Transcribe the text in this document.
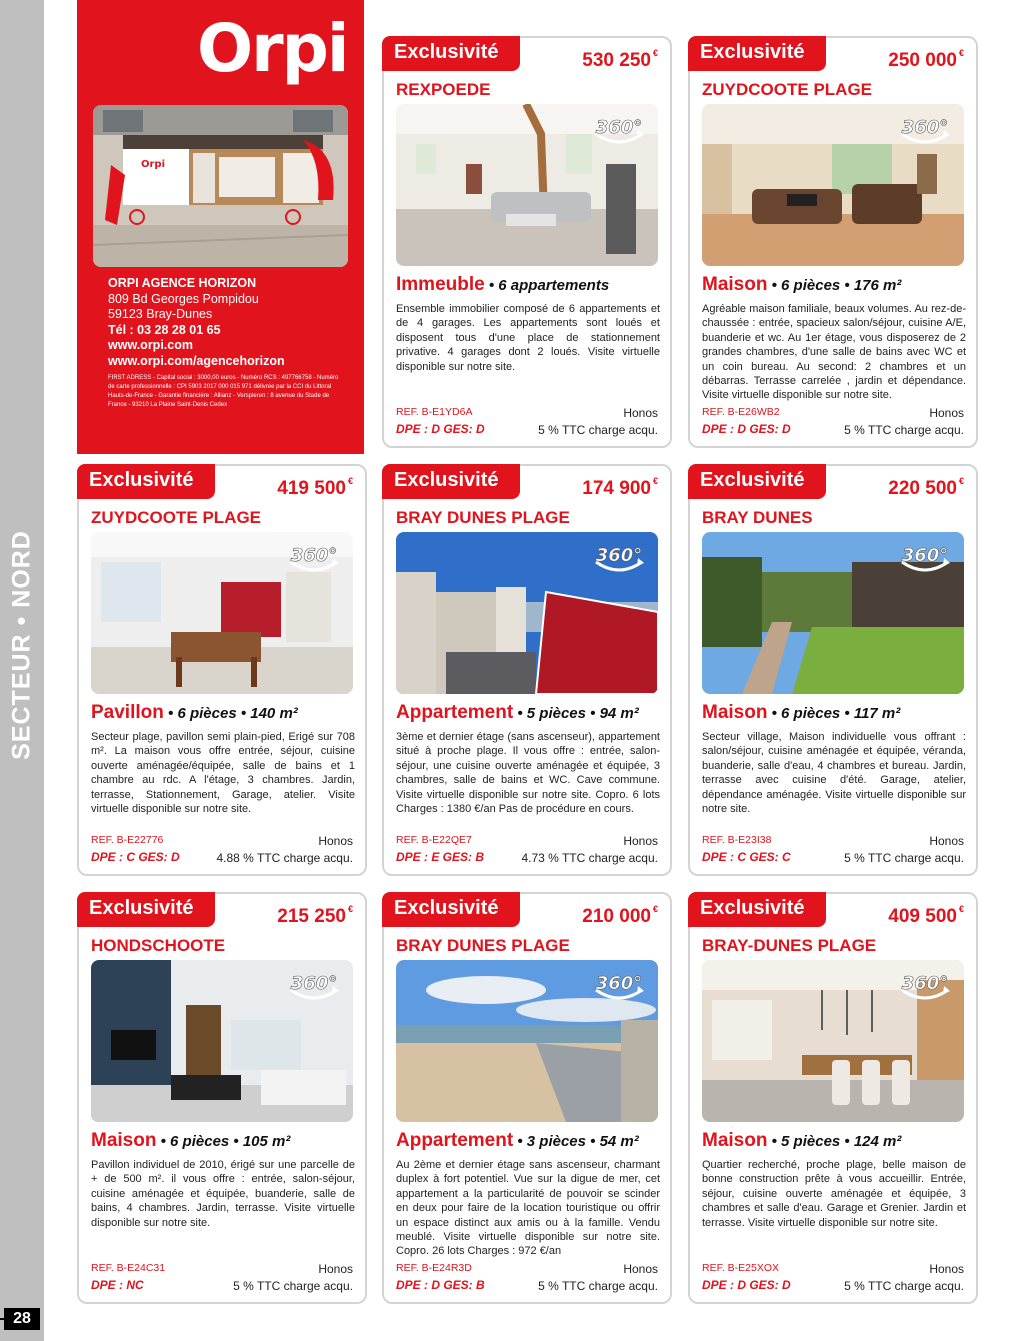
SECTEUR • NORD
28
Orpi
Orpi
ORPI AGENCE HORIZON
809 Bd Georges Pompidou
59123 Bray-Dunes
Tél : 03 28 28 01 65
www.orpi.com
www.orpi.com/agencehorizon
FIRST ADRESS - Capital social : 3000,00 euros - Numéro RCS : 497766758 - Numéro de carte professionnelle : CPI 5903 2017 000 015 971 délivrée par la CCI du Littoral Hauts-de-France - Garantie financière : Allianz - Verspieren : 8 avenue du Stade de France - 93210 La Plaine Saint-Denis Cedex
Exclusivité	530 250 €
REXPOEDE
360°
Immeuble • 6 appartements
Ensemble immobilier composé de 6 appartements et de 4 garages. Les appartements sont loués et disposent tous d'une place de stationnement privative. 4 garages dont 2 loués. Visite virtuelle disponible sur notre site.
REF. B-E1YD6A
DPE : D GES: D
Honos
5 % TTC charge acqu.
Exclusivité	250 000 €
ZUYDCOOTE PLAGE
360°
Maison • 6 pièces • 176 m²
Agréable maison familiale, beaux volumes. Au rez-de-chaussée : entrée, spacieux salon/séjour, cuisine A/E, buanderie et wc. Au 1er étage, vous disposerez de 2 grandes chambres, d'une salle de bains avec WC et un coin bureau. Au second: 2 chambres et un débarras. Terrasse carrelée , jardin et dépendance. Visite virtuelle disponible sur notre site.
REF. B-E26WB2
DPE : D GES: D
Honos
5 % TTC charge acqu.
Exclusivité	419 500 €
ZUYDCOOTE PLAGE
360°
Pavillon • 6 pièces • 140 m²
Secteur plage, pavillon semi plain-pied, Erigé sur 708 m². La maison vous offre entrée, séjour, cuisine ouverte aménagée/équipée, salle de bains et 1 chambre au rdc. A l'étage, 3 chambres. Jardin, terrasse, Stationnement, Garage, atelier. Visite virtuelle disponible sur notre site.
REF. B-E22776
DPE : C GES: D
Honos
4.88 % TTC charge acqu.
Exclusivité	174 900 €
BRAY DUNES PLAGE
360°
Appartement • 5 pièces • 94 m²
3ème et dernier étage (sans ascenseur), appartement situé à proche plage. Il vous offre : entrée, salon-séjour, une cuisine ouverte aménagée et équipée, 3 chambres, salle de bains et WC. Cave commune. Visite virtuelle disponible sur notre site. Copro. 6 lots Charges : 1380 €/an Pas de procédure en cours.
REF. B-E22QE7
DPE : E GES: B
Honos
4.73 % TTC charge acqu.
Exclusivité	220 500 €
BRAY DUNES
360°
Maison • 6 pièces • 117 m²
Secteur village, Maison individuelle vous offrant : salon/séjour, cuisine aménagée et équipée, véranda, buanderie, salle d'eau, 4 chambres et bureau. Jardin, terrasse avec cuisine d'été. Garage, atelier, dépendance aménagée. Visite virtuelle disponible sur notre site.
REF. B-E23I38
DPE : C GES: C
Honos
5 % TTC charge acqu.
Exclusivité	215 250 €
HONDSCHOOTE
360°
Maison • 6 pièces • 105 m²
Pavillon individuel de 2010, érigé sur une parcelle de + de 500 m². il vous offre : entrée, salon-séjour, cuisine aménagée et équipée, buanderie, salle de bains, 4 chambres. Jardin, terrasse. Visite virtuelle disponible sur notre site.
REF. B-E24C31
DPE : NC
Honos
5 % TTC charge acqu.
Exclusivité	210 000 €
BRAY DUNES PLAGE
360°
Appartement • 3 pièces • 54 m²
Au 2ème et dernier étage sans ascenseur, charmant duplex à fort potentiel. Vue sur la digue de mer, cet appartement a la particularité de pouvoir se scinder en deux pour faire de la location touristique ou offrir un espace distinct aux amis ou à la famille. Vendu meublé. Visite virtuelle disponible sur notre site. Copro. 26 lots Charges : 972 €/an
REF. B-E24R3D
DPE : D GES: B
Honos
5 % TTC charge acqu.
Exclusivité	409 500 €
BRAY-DUNES PLAGE
360°
Maison • 5 pièces • 124 m²
Quartier recherché, proche plage, belle maison de bonne construction prête à vous accueillir. Entrée, séjour, cuisine ouverte aménagée et équipée, 3 chambres et salle d'eau. Garage et Grenier. Jardin et terrasse. Visite virtuelle disponible sur notre site.
REF. B-E25XOX
DPE : D GES: D
Honos
5 % TTC charge acqu.
